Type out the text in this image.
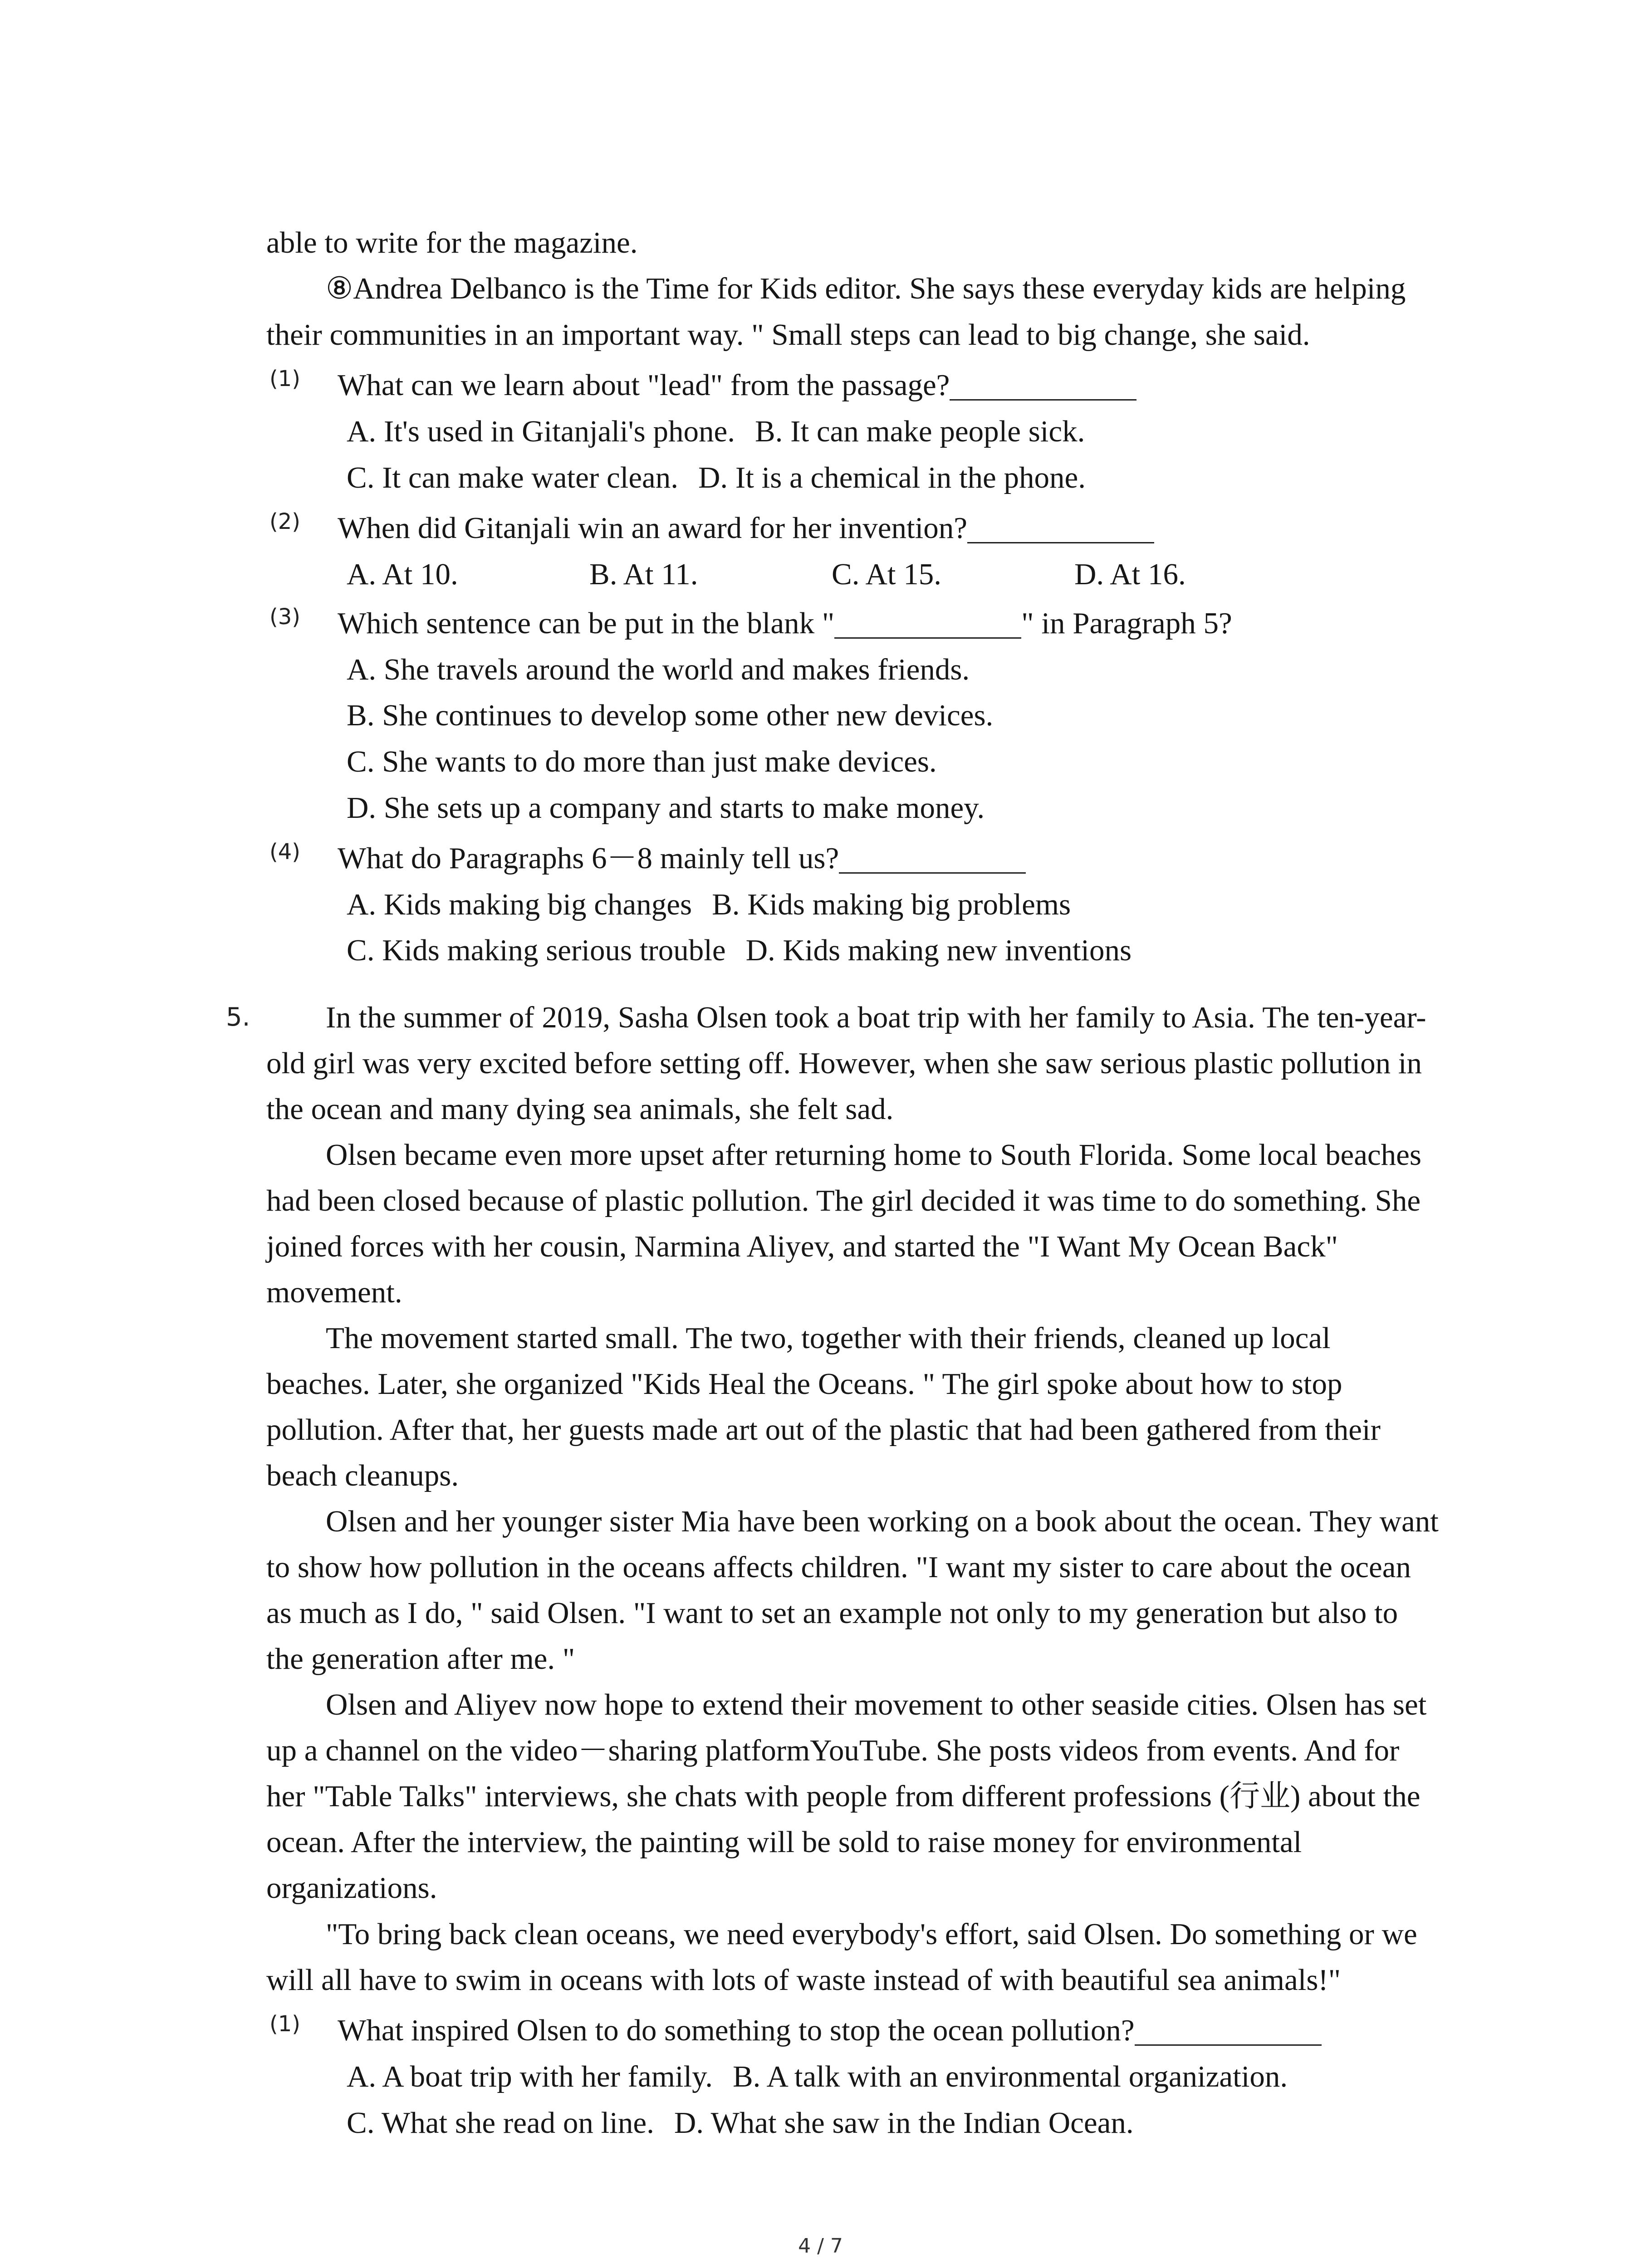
able to write for the magazine.
⑧Andrea Delbanco is the Time for Kids editor. She says these everyday kids are helping
their communities in an important way. " Small steps can lead to big change, she said.
(1) What can we learn about "lead" from the passage?
A. It's used in Gitanjali's phone. B. It can make people sick.
C. It can make water clean. D. It is a chemical in the phone.
(2) When did Gitanjali win an award for her invention?
A. At 10.	B. At 11.	C. At 15.	D. At 16.
(3) Which sentence can be put in the blank "	" in Paragraph 5?
A. She travels around the world and makes friends.
B. She continues to develop some other new devices.
C. She wants to do more than just make devices.
D. She sets up a company and starts to make money.
(4) What do Paragraphs 6－8 mainly tell us?
A. Kids making big changes B. Kids making big problems
C. Kids making serious trouble D. Kids making new inventions
5. In the summer of 2019, Sasha Olsen took a boat trip with her family to Asia. The ten-year-
old girl was very excited before setting off. However, when she saw serious plastic pollution in
the ocean and many dying sea animals, she felt sad.
Olsen became even more upset after returning home to South Florida. Some local beaches
had been closed because of plastic pollution. The girl decided it was time to do something. She
joined forces with her cousin, Narmina Aliyev, and started the "I Want My Ocean Back"
movement.
The movement started small. The two, together with their friends, cleaned up local
beaches. Later, she organized "Kids Heal the Oceans. " The girl spoke about how to stop
pollution. After that, her guests made art out of the plastic that had been gathered from their
beach cleanups.
Olsen and her younger sister Mia have been working on a book about the ocean. They want
to show how pollution in the oceans affects children. "I want my sister to care about the ocean
as much as I do, " said Olsen. "I want to set an example not only to my generation but also to
the generation after me. "
Olsen and Aliyev now hope to extend their movement to other seaside cities. Olsen has set
up a channel on the video－sharing platformYouTube. She posts videos from events. And for
her "Table Talks" interviews, she chats with people from different professions (行业) about the
ocean. After the interview, the painting will be sold to raise money for environmental
organizations.
"To bring back clean oceans, we need everybody's effort, said Olsen. Do something or we
will all have to swim in oceans with lots of waste instead of with beautiful sea animals!"
(1) What inspired Olsen to do something to stop the ocean pollution?
A. A boat trip with her family. B. A talk with an environmental organization.
C. What she read on line. D. What she saw in the Indian Ocean.
4 / 7
